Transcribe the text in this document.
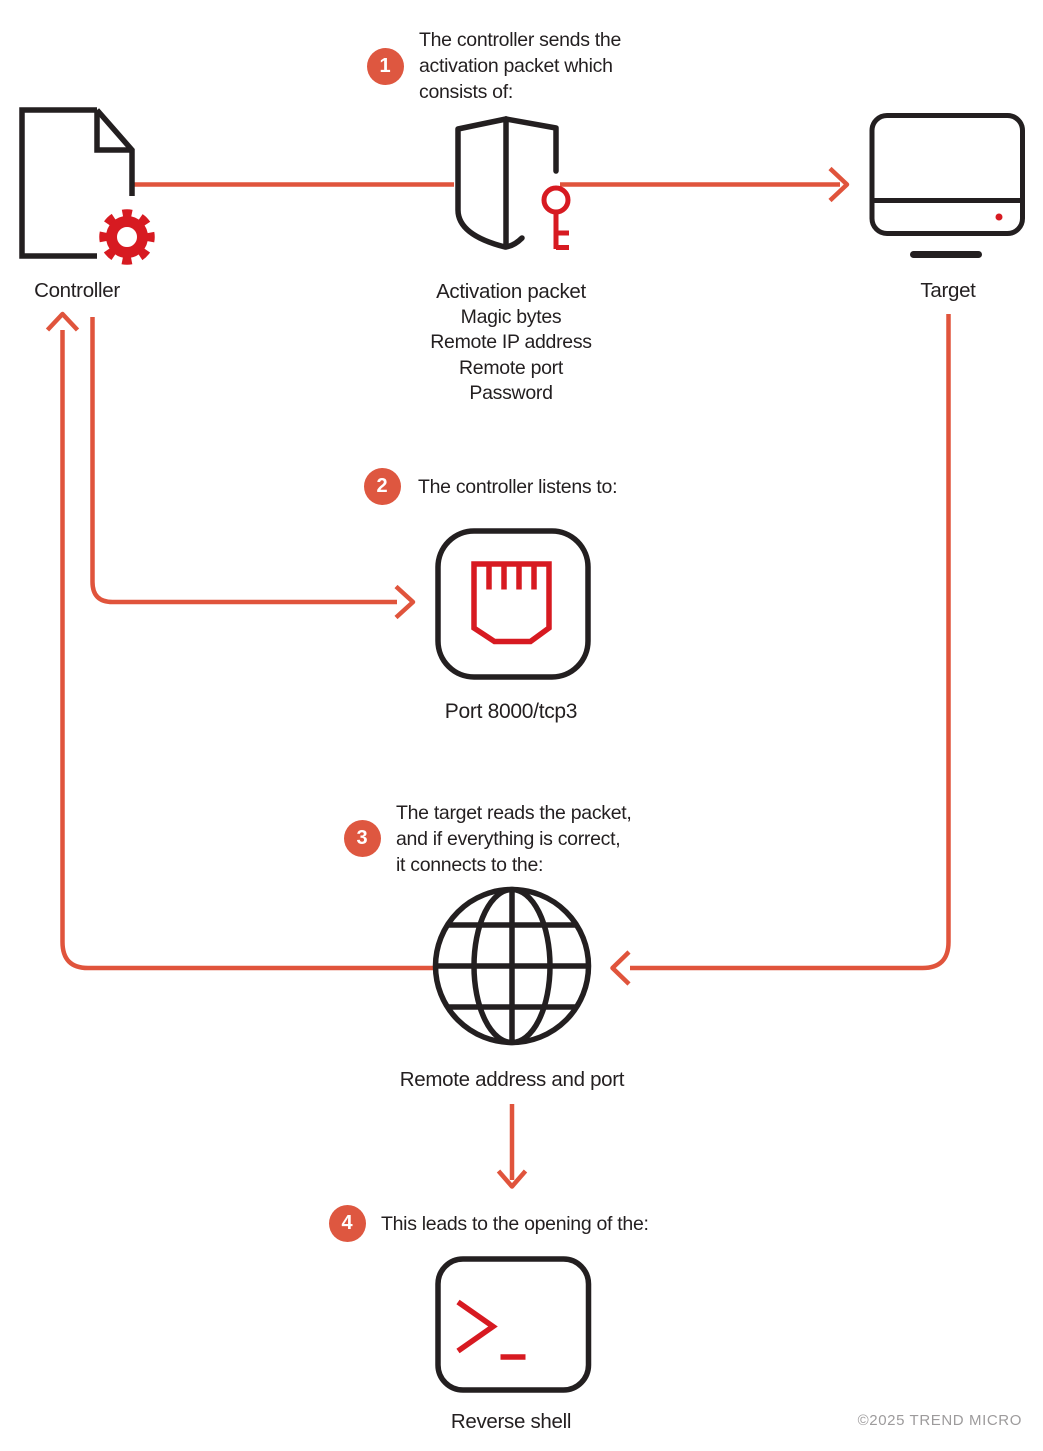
1
2
3
4
The controller sends the
activation packet which
consists of:
The controller listens to:
The target reads the packet,
and if everything is correct,
it connects to the:
This leads to the opening of the:
Controller	Activation packet
Magic bytes
Remote IP address
Remote port
Password
Target
Port 8000/tcp3
Remote address and port
Reverse shell	©2025 TREND MICRO
